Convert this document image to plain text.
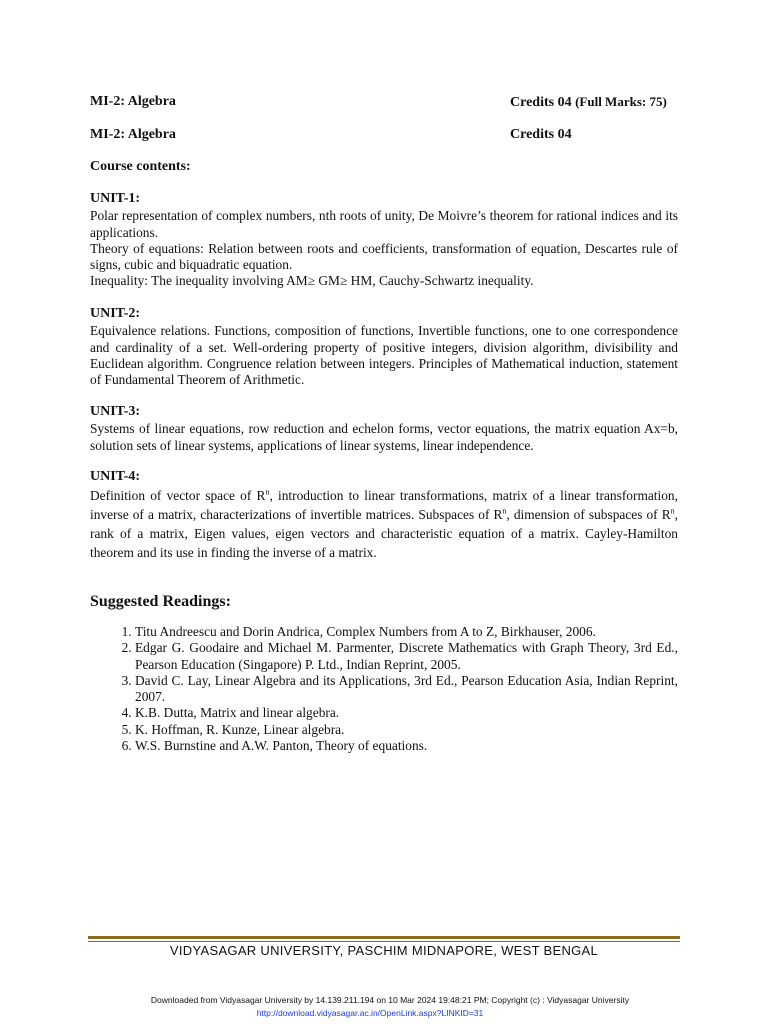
MI-2: Algebra	Credits 04 (Full Marks: 75)
MI-2: Algebra	Credits 04
Course contents:
UNIT-1:

Polar representation of complex numbers, nth roots of unity, De Moivre’s theorem for rational indices and its applications.

Theory of equations: Relation between roots and coefficients, transformation of equation, Descartes rule of signs, cubic and biquadratic equation.

Inequality: The inequality involving AM≥ GM≥ HM, Cauchy-Schwartz inequality.

UNIT-2:

Equivalence relations. Functions, composition of functions, Invertible functions, one to one correspondence and cardinality of a set. Well-ordering property of positive integers, division algorithm, divisibility and Euclidean algorithm. Congruence relation between integers. Principles of Mathematical induction, statement of Fundamental Theorem of Arithmetic.

UNIT-3:

Systems of linear equations, row reduction and echelon forms, vector equations, the matrix equation Ax=b, solution sets of linear systems, applications of linear systems, linear independence.

UNIT-4:

Definition of vector space of $R^n$, introduction to linear transformations, matrix of a linear transformation, inverse of a matrix, characterizations of invertible matrices. Subspaces of $R^n$, dimension of subspaces of $R^n$, rank of a matrix, Eigen values, eigen vectors and characteristic equation of a matrix. Cayley-Hamilton theorem and its use in finding the inverse of a matrix.

Suggested Readings:
1. Titu Andreescu and Dorin Andrica, Complex Numbers from A to Z, Birkhauser, 2006.
2. Edgar G. Goodaire and Michael M. Parmenter, Discrete Mathematics with Graph Theory, 3rd Ed., Pearson Education (Singapore) P. Ltd., Indian Reprint, 2005.
3. David C. Lay, Linear Algebra and its Applications, 3rd Ed., Pearson Education Asia, Indian Reprint, 2007.
4. K.B. Dutta, Matrix and linear algebra.
5. K. Hoffman, R. Kunze, Linear algebra.
6. W.S. Burnstine and A.W. Panton, Theory of equations.
VIDYASAGAR UNIVERSITY, PASCHIM MIDNAPORE, WEST BENGAL
Downloaded from Vidyasagar University by 14.139.211.194 on 10 Mar 2024 19:48:21 PM; Copyright (c) : Vidyasagar University
http://download.vidyasagar.ac.in/OpenLink.aspx?LINKID=31
